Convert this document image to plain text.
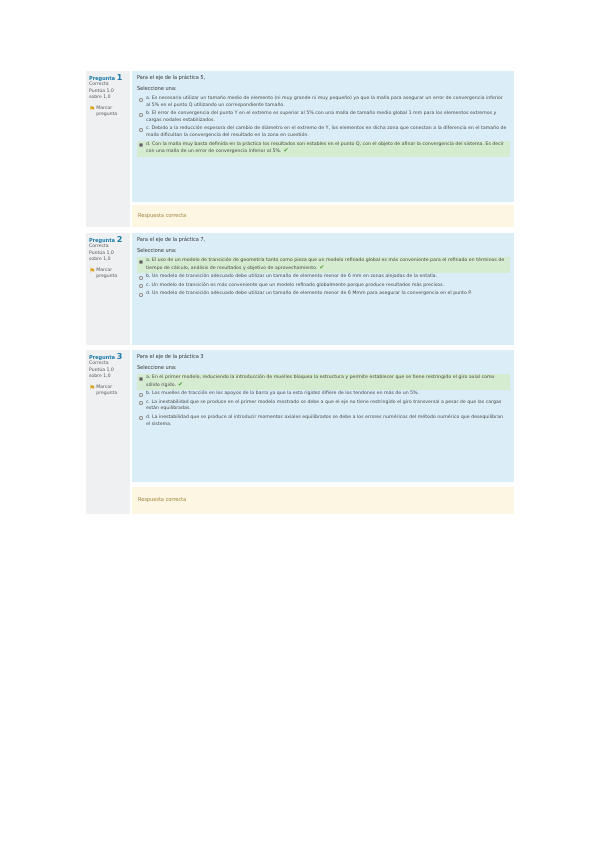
Pregunta 1
Correcta
Puntúa 1,0 sobre 1,0
⚑ Marcar pregunta
Para el eje de la práctica 5,
Seleccione una:
a. Es necesario utilizar un tamaño medio de elemento (ni muy grande ni muy pequeño) ya que la malla para asegurar un error de convergencia inferior al 5% en el punto Q utilizando un correspondiente tamaño.
b. El error de convergencia del punto Y en el extremo es superior al 5% con una malla de tamaño medio global 1 mm para los elementos extremos y cargas nodales estabilizados.
c. Debido a la reducción espesora del cambio de diámetro en el extremo de Y, los elementos en dicha zona que conectan a la diferencia en el tamaño de malla dificultan la convergencia del resultado en la zona en cuestión.
d. Con la malla muy basta definida en la práctica los resultados son estables en el punto Q, con el objeto de afinar la convergencia del sistema. Es decir con una malla de un error de convergencia inferior al 5%. ✔
Respuesta correcta
Pregunta 2
Correcta
Puntúa 1,0 sobre 1,0
⚑ Marcar pregunta
Para el eje de la práctica 7,
Seleccione una:
a. El uso de un modelo de transición de geometría tanto como pieza que un modelo refinado global es más conveniente para el refinado en términos de tiempo de cálculo, análisis de resultados y objetivo de aprovechamiento. ✔
b. Un modelo de transición adecuado debe utilizar un tamaño de elemento menor de 6 mm en zonas alejadas de la entalla.
c. Un modelo de transición es más conveniente que un modelo refinado globalmente porque produce resultados más precisos.
d. Un modelo de transición adecuado debe utilizar un tamaño de elemento menor de 6 Mmm para asegurar la convergencia en el punto P.
Pregunta 3
Correcta
Puntúa 1,0 sobre 1,0
⚑ Marcar pregunta
Para el eje de la práctica 3
Seleccione una:
a. En el primer modelo, reduciendo la introducción de muelles bloquea la estructura y permite establecer que se tiene restringido el giro axial como sólido rígido. ✔
b. Los muelles de tracción en los apoyos de la barra ya que la esta rigidez difiere de los tendones en más de un 5%.
c. La inestabilidad que se produce en el primer modelo mostrado se debe a que el eje no tiene restringido el giro transversal a pesar de que las cargas están equilibradas.
d. La inestabilidad que se produce al introducir momentos axiales equilibrados se debe a los errores numéricos del método numérico que desequilibran el sistema.
Respuesta correcta
